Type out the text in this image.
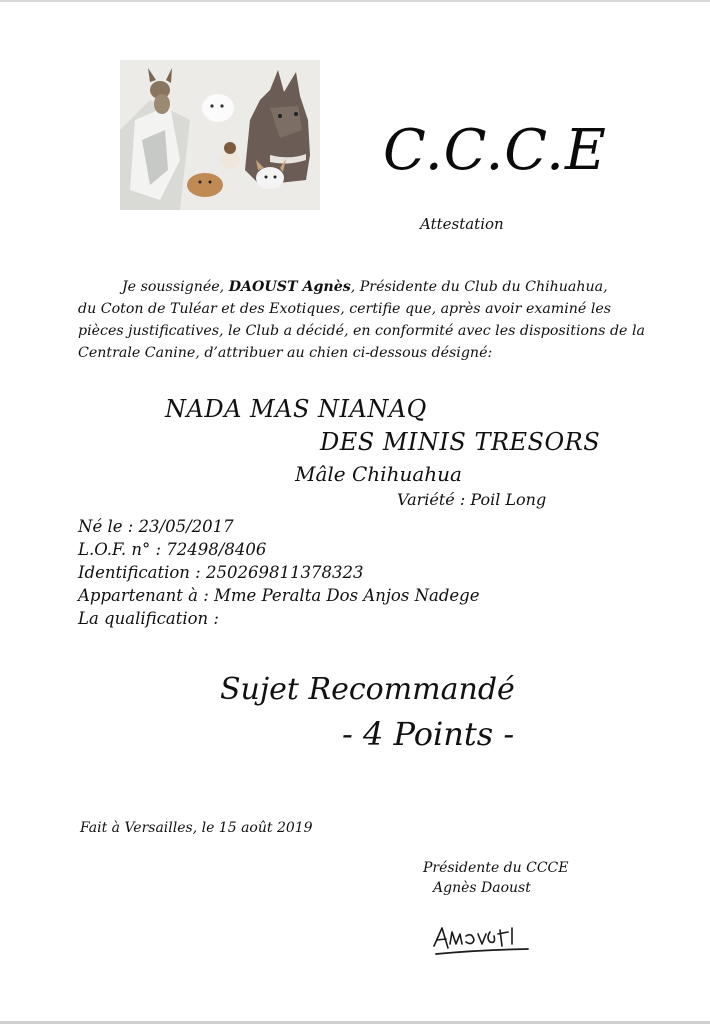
C.C.C.E
Attestation
Je soussignée, DAOUST Agnès, Présidente du Club du Chihuahua,
du Coton de Tuléar et des Exotiques, certifie que, après avoir examiné les
pièces justificatives, le Club a décidé, en conformité avec les dispositions de la
Centrale Canine, d’attribuer au chien ci-dessous désigné:
NADA MAS NIANAQ
DES MINIS TRESORS
Mâle Chihuahua
Variété : Poil Long
Né le : 23/05/2017
L.O.F. n° : 72498/8406
Identification : 250269811378323
Appartenant à : Mme Peralta Dos Anjos Nadege
La qualification :
Sujet Recommandé
- 4 Points -
Fait à Versailles, le 15 août 2019
Présidente du CCCE
Agnès Daoust
